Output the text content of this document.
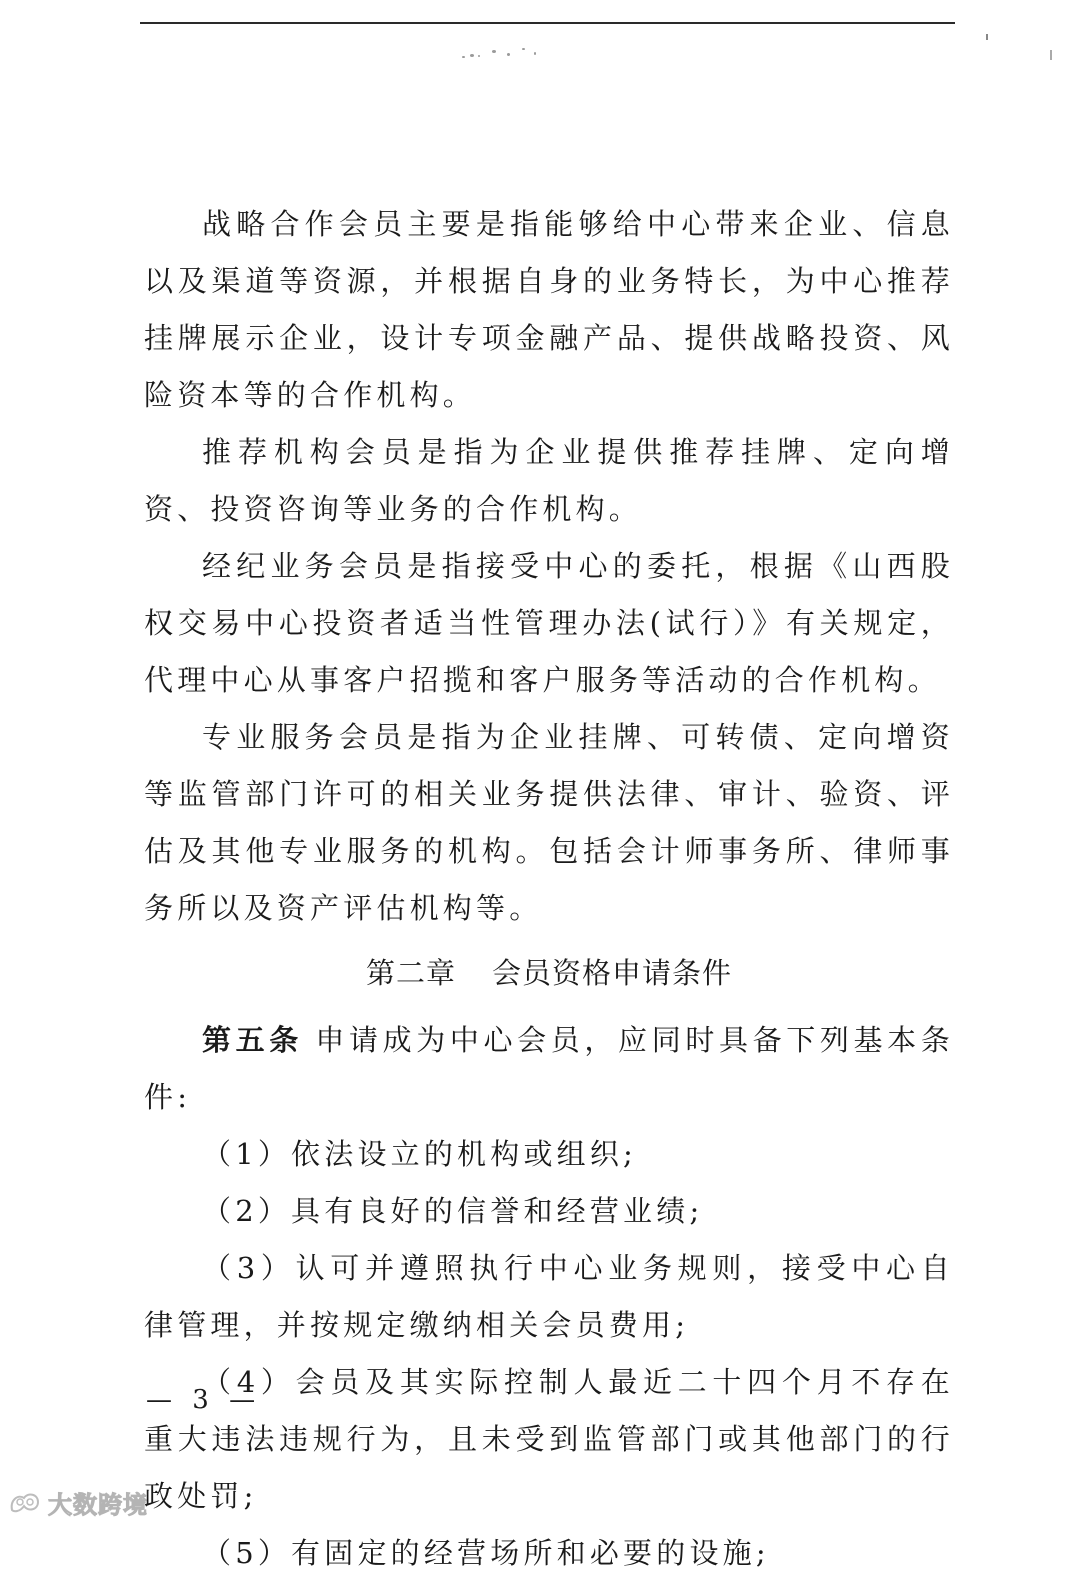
战略合作会员主要是指能够给中心带来企业、信息以及渠道等资源，并根据自身的业务特长，为中心推荐挂牌展示企业，设计专项金融产品、提供战略投资、风险资本等的合作机构。

推荐机构会员是指为企业提供推荐挂牌、定向增资、投资咨询等业务的合作机构。

经纪业务会员是指接受中心的委托，根据《山西股权交易中心投资者适当性管理办法(试行）》有关规定，代理中心从事客户招揽和客户服务等活动的合作机构。

专业服务会员是指为企业挂牌、可转债、定向增资等监管部门许可的相关业务提供法律、审计、验资、评估及其他专业服务的机构。包括会计师事务所、律师事务所以及资产评估机构等。

第二章 会员资格申请条件

第五条 申请成为中心会员，应同时具备下列基本条件:

（1）依法设立的机构或组织;

（2）具有良好的信誉和经营业绩;

（3）认可并遵照执行中心业务规则，接受中心自律管理，并按规定缴纳相关会员费用;

（4）会员及其实际控制人最近二十四个月不存在重大违法违规行为，且未受到监管部门或其他部门的行政处罚;

（5）有固定的经营场所和必要的设施;

— 3 —
大数跨境
